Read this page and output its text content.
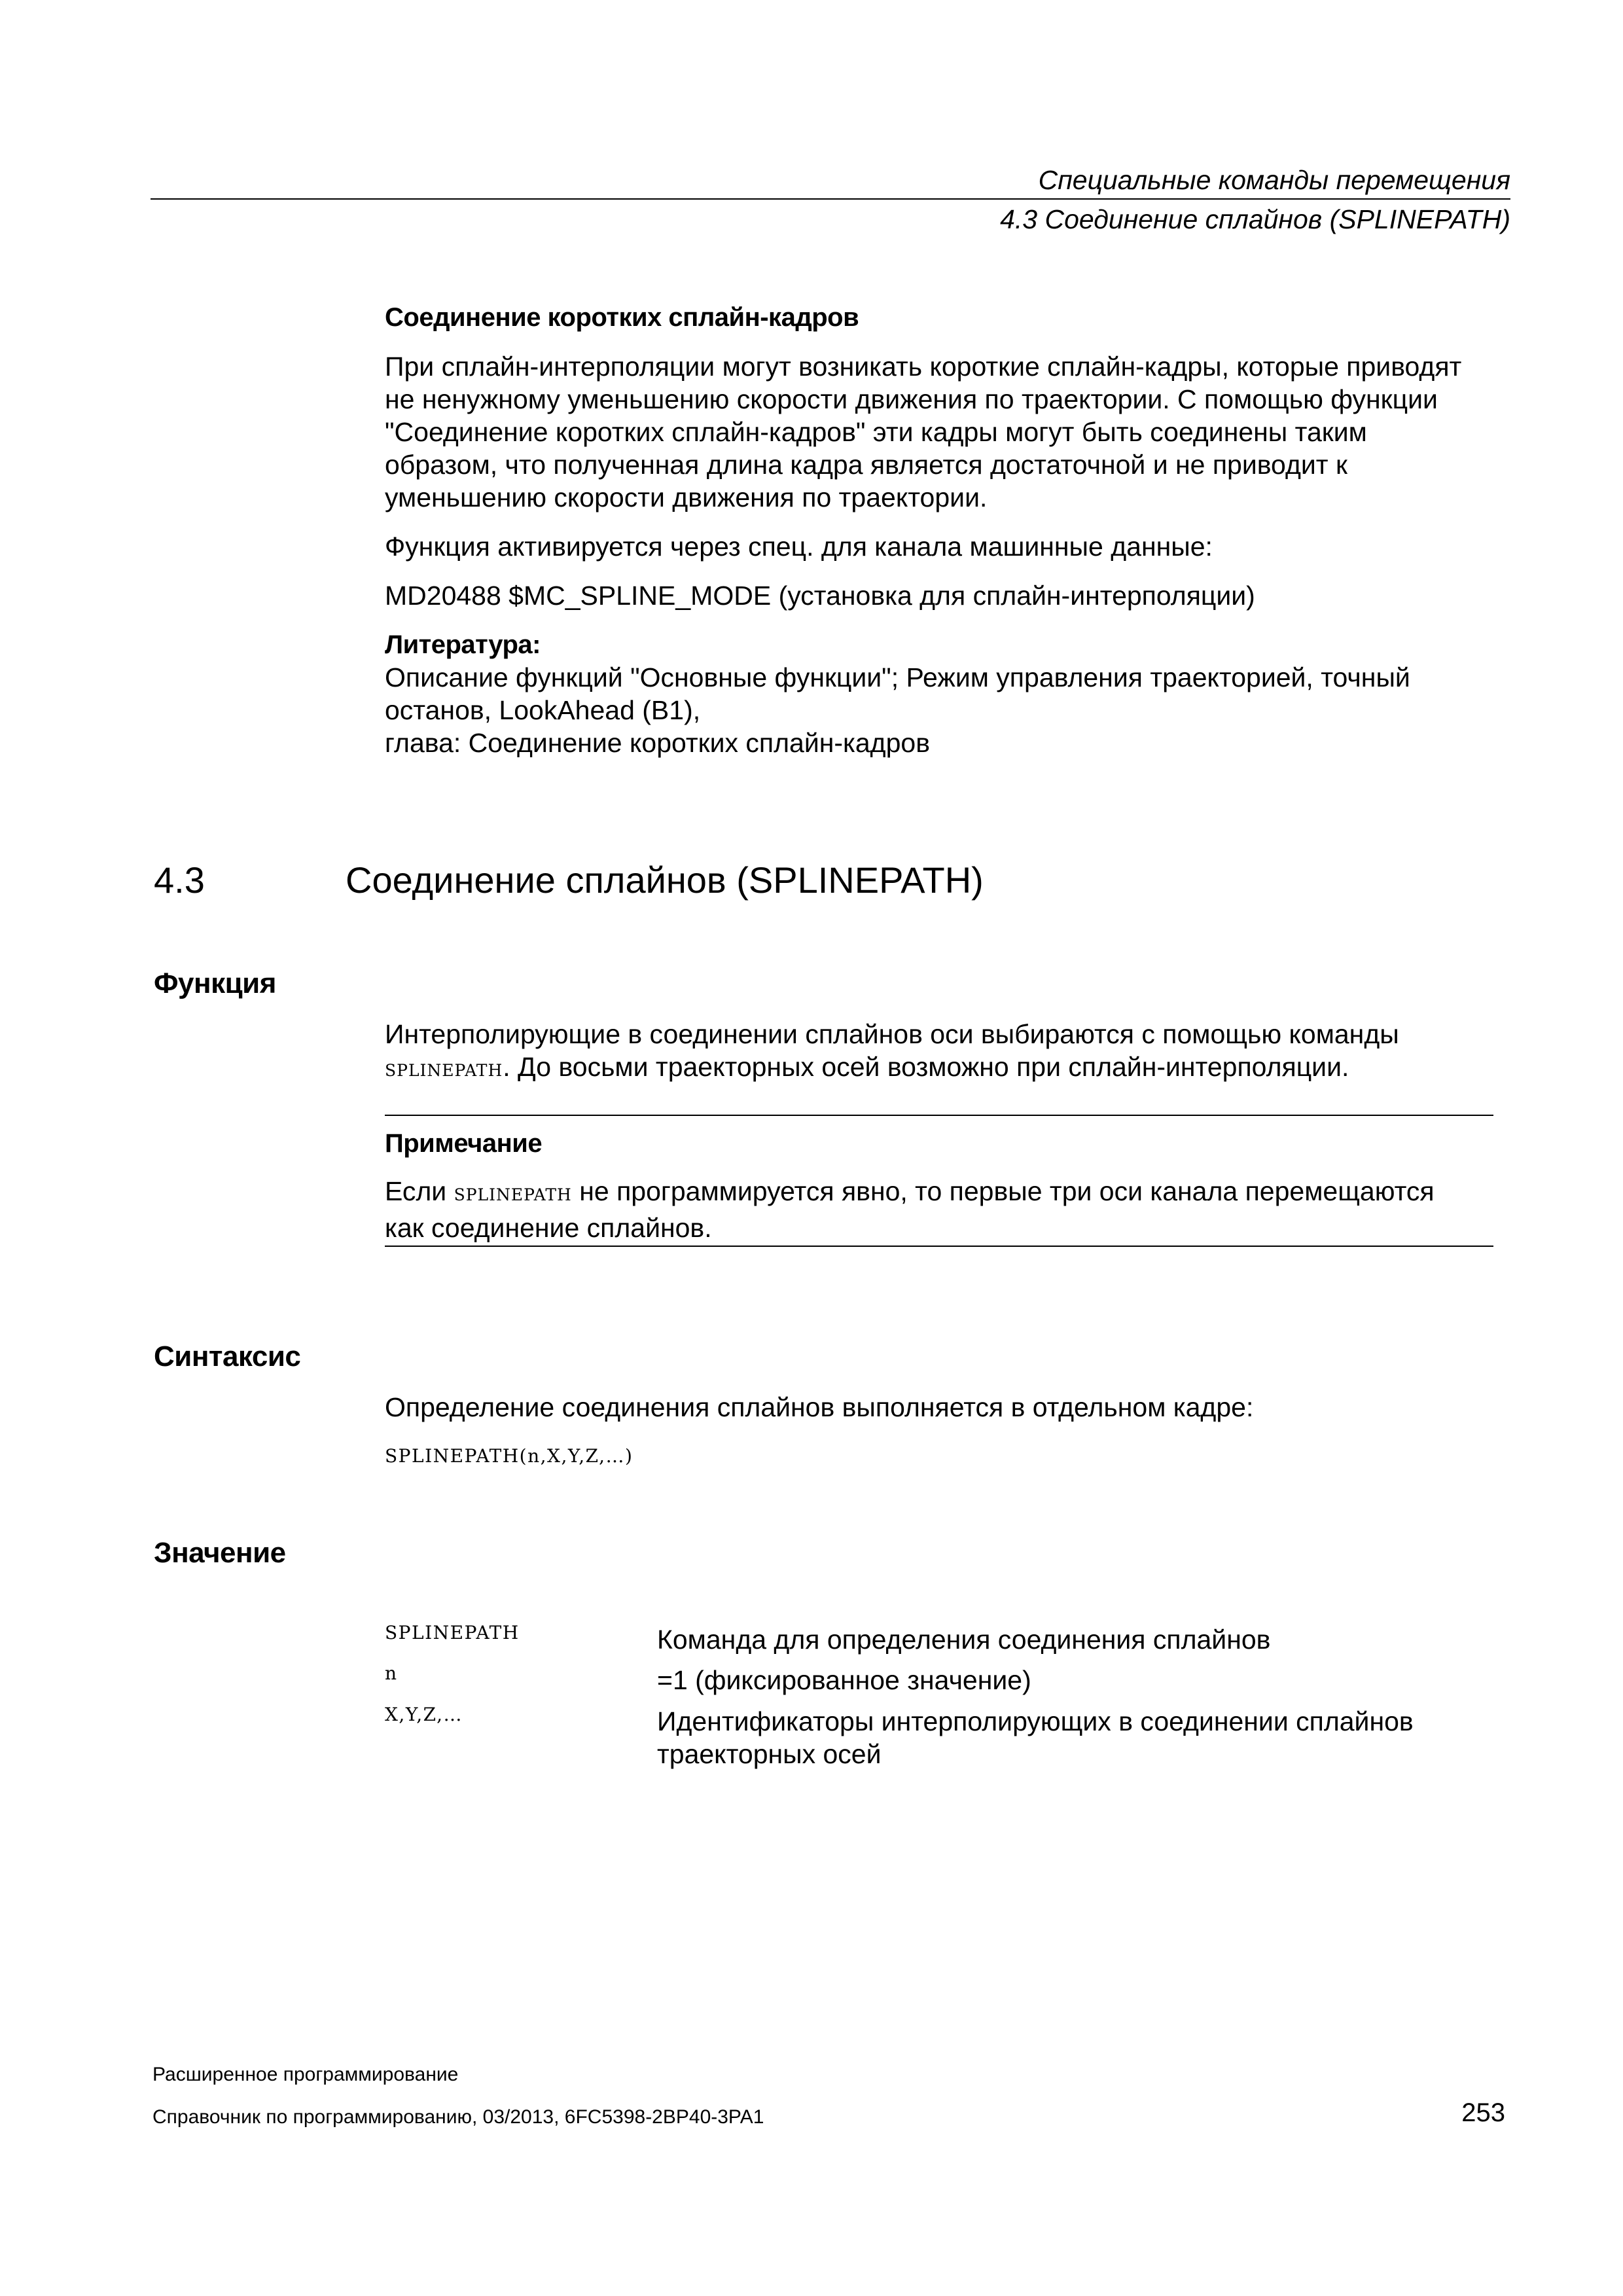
Специальные команды перемещения
4.3 Соединение сплайнов (SPLINEPATH)
Соединение коротких сплайн-кадров
При сплайн-интерполяции могут возникать короткие сплайн-кадры, которые приводят
не ненужному уменьшению скорости движения по траектории. С помощью функции
"Соединение коротких сплайн-кадров" эти кадры могут быть соединены таким
образом, что полученная длина кадра является достаточной и не приводит к
уменьшению скорости движения по траектории.
Функция активируется через спец. для канала машинные данные:
MD20488 $MC_SPLINE_MODE (установка для сплайн-интерполяции)
Литература:
Описание функций "Основные функции"; Режим управления траекторией, точный
останов, LookAhead (B1),
глава: Соединение коротких сплайн-кадров
4.3	Соединение сплайнов (SPLINEPATH)
Функция
Интерполирующие в соединении сплайнов оси выбираются с помощью команды
SPLINEPATH. До восьми траекторных осей возможно при сплайн-интерполяции.
Примечание
Если SPLINEPATH не программируется явно, то первые три оси канала перемещаются
как соединение сплайнов.
Синтаксис
Определение соединения сплайнов выполняется в отдельном кадре:
SPLINEPATH(n,X,Y,Z,…)
Значение
SPLINEPATH	Команда для определения соединения сплайнов
n	=1 (фиксированное значение)
X,Y,Z,…	Идентификаторы интерполирующих в соединении сплайнов
траекторных осей
Расширенное программирование
Справочник по программированию, 03/2013, 6FC5398-2BP40-3PA1	253
